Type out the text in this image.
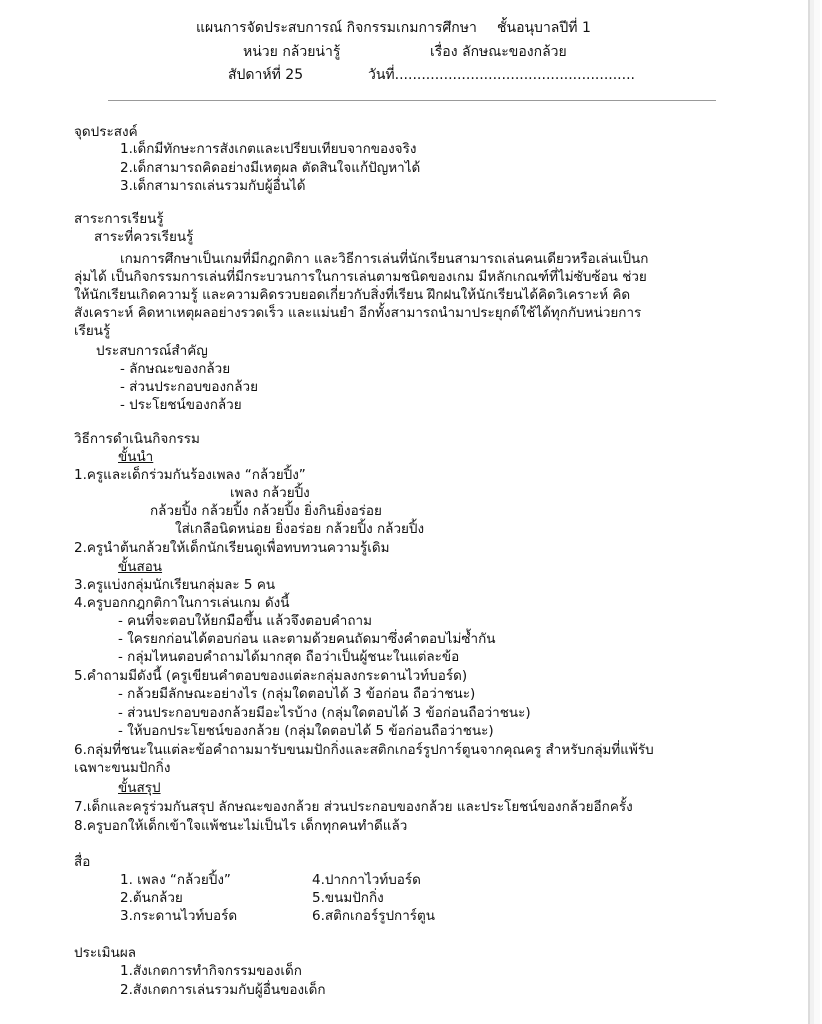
แผนการจัดประสบการณ์ กิจกรรมเกมการศึกษา ชั้นอนุบาลปีที่ 1
หน่วย กล้วยน่ารู้	เรื่อง ลักษณะของกล้วย
สัปดาห์ที่ 25	วันที่......................................................
จุดประสงค์
1.เด็กมีทักษะการสังเกตและเปรียบเทียบจากของจริง
2.เด็กสามารถคิดอย่างมีเหตุผล ตัดสินใจแก้ปัญหาได้
3.เด็กสามารถเล่นรวมกับผู้อื่นได้
สาระการเรียนรู้
สาระที่ควรเรียนรู้
เกมการศึกษาเป็นเกมที่มีกฎกติกา และวิธีการเล่นที่นักเรียนสามารถเล่นคนเดียวหรือเล่นเป็นก
ลุ่มได้ เป็นกิจกรรมการเล่นที่มีกระบวนการในการเล่นตามชนิดของเกม มีหลักเกณฑ์ที่ไม่ซับซ้อน ช่วย
ให้นักเรียนเกิดความรู้ และความคิดรวบยอดเกี่ยวกับสิ่งที่เรียน ฝึกฝนให้นักเรียนได้คิดวิเคราะห์ คิด
สังเคราะห์ คิดหาเหตุผลอย่างรวดเร็ว และแม่นยำ อีกทั้งสามารถนำมาประยุกต์ใช้ได้ทุกกับหน่วยการ
เรียนรู้
ประสบการณ์สำคัญ
- ลักษณะของกล้วย
- ส่วนประกอบของกล้วย
- ประโยชน์ของกล้วย
วิธีการดำเนินกิจกรรม
ขั้นนำ
1.ครูและเด็กร่วมกันร้องเพลง “กล้วยปิ้ง”
เพลง กล้วยปิ้ง
กล้วยปิ้ง กล้วยปิ้ง กล้วยปิ้ง ยิ่งกินยิ่งอร่อย
ใส่เกลือนิดหน่อย ยิ่งอร่อย กล้วยปิ้ง กล้วยปิ้ง
2.ครูนำต้นกล้วยให้เด็กนักเรียนดูเพื่อทบทวนความรู้เดิม
ขั้นสอน
3.ครูแบ่งกลุ่มนักเรียนกลุ่มละ 5 คน
4.ครูบอกกฎกติกาในการเล่นเกม ดังนี้
- คนที่จะตอบให้ยกมือขึ้น แล้วจึงตอบคำถาม
- ใครยกก่อนได้ตอบก่อน และตามด้วยคนถัดมาซึ่งคำตอบไม่ซ้ำกัน
- กลุ่มไหนตอบคำถามได้มากสุด ถือว่าเป็นผู้ชนะในแต่ละข้อ
5.คำถามมีดังนี้ (ครูเขียนคำตอบของแต่ละกลุ่มลงกระดานไวท์บอร์ด)
- กล้วยมีลักษณะอย่างไร (กลุ่มใดตอบได้ 3 ข้อก่อน ถือว่าชนะ)
- ส่วนประกอบของกล้วยมีอะไรบ้าง (กลุ่มใดตอบได้ 3 ข้อก่อนถือว่าชนะ)
- ให้บอกประโยชน์ของกล้วย (กลุ่มใดตอบได้ 5 ข้อก่อนถือว่าชนะ)
6.กลุ่มที่ชนะในแต่ละข้อคำถามมารับขนมปักกิ่งและสติกเกอร์รูปการ์ตูนจากคุณครู สำหรับกลุ่มที่แพ้รับ
เฉพาะขนมปักกิ่ง
ขั้นสรุป
7.เด็กและครูร่วมกันสรุป ลักษณะของกล้วย ส่วนประกอบของกล้วย และประโยชน์ของกล้วยอีกครั้ง
8.ครูบอกให้เด็กเข้าใจแพ้ชนะไม่เป็นไร เด็กทุกคนทำดีแล้ว
สื่อ
1. เพลง “กล้วยปิ้ง”
2.ต้นกล้วย
3.กระดานไวท์บอร์ด
4.ปากกาไวท์บอร์ด
5.ขนมปักกิ่ง
6.สติกเกอร์รูปการ์ตูน
ประเมินผล
1.สังเกตการทำกิจกรรมของเด็ก
2.สังเกตการเล่นรวมกับผู้อื่นของเด็ก
